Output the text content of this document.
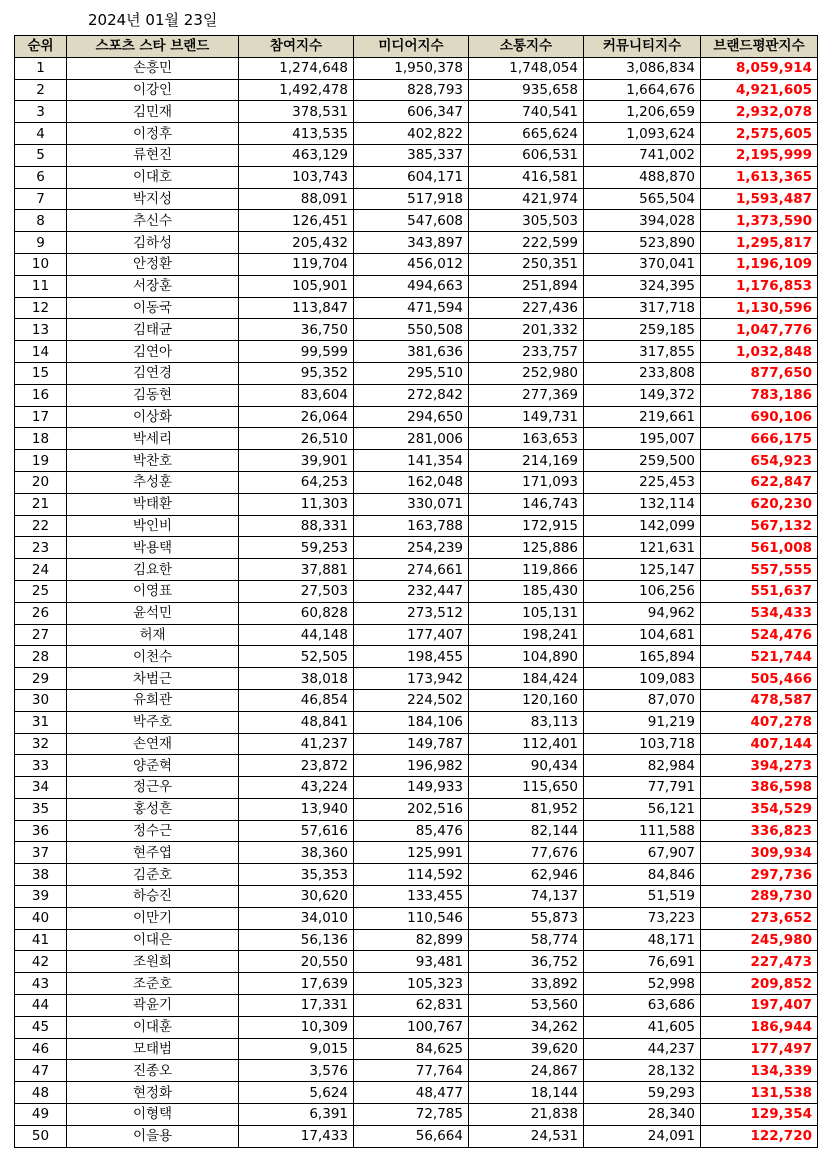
2024년 01월 23일
순위	스포츠 스타 브랜드	참여지수	미디어지수	소통지수	커뮤니티지수	브랜드평판지수
1	손흥민	1,274,648	1,950,378	1,748,054	3,086,834	8,059,914
2	이강인	1,492,478	828,793	935,658	1,664,676	4,921,605
3	김민재	378,531	606,347	740,541	1,206,659	2,932,078
4	이정후	413,535	402,822	665,624	1,093,624	2,575,605
5	류현진	463,129	385,337	606,531	741,002	2,195,999
6	이대호	103,743	604,171	416,581	488,870	1,613,365
7	박지성	88,091	517,918	421,974	565,504	1,593,487
8	추신수	126,451	547,608	305,503	394,028	1,373,590
9	김하성	205,432	343,897	222,599	523,890	1,295,817
10	안정환	119,704	456,012	250,351	370,041	1,196,109
11	서장훈	105,901	494,663	251,894	324,395	1,176,853
12	이동국	113,847	471,594	227,436	317,718	1,130,596
13	김태균	36,750	550,508	201,332	259,185	1,047,776
14	김연아	99,599	381,636	233,757	317,855	1,032,848
15	김연경	95,352	295,510	252,980	233,808	877,650
16	김동현	83,604	272,842	277,369	149,372	783,186
17	이상화	26,064	294,650	149,731	219,661	690,106
18	박세리	26,510	281,006	163,653	195,007	666,175
19	박찬호	39,901	141,354	214,169	259,500	654,923
20	추성훈	64,253	162,048	171,093	225,453	622,847
21	박태환	11,303	330,071	146,743	132,114	620,230
22	박인비	88,331	163,788	172,915	142,099	567,132
23	박용택	59,253	254,239	125,886	121,631	561,008
24	김요한	37,881	274,661	119,866	125,147	557,555
25	이영표	27,503	232,447	185,430	106,256	551,637
26	윤석민	60,828	273,512	105,131	94,962	534,433
27	허재	44,148	177,407	198,241	104,681	524,476
28	이천수	52,505	198,455	104,890	165,894	521,744
29	차범근	38,018	173,942	184,424	109,083	505,466
30	유희관	46,854	224,502	120,160	87,070	478,587
31	박주호	48,841	184,106	83,113	91,219	407,278
32	손연재	41,237	149,787	112,401	103,718	407,144
33	양준혁	23,872	196,982	90,434	82,984	394,273
34	정근우	43,224	149,933	115,650	77,791	386,598
35	홍성흔	13,940	202,516	81,952	56,121	354,529
36	정수근	57,616	85,476	82,144	111,588	336,823
37	현주엽	38,360	125,991	77,676	67,907	309,934
38	김준호	35,353	114,592	62,946	84,846	297,736
39	하승진	30,620	133,455	74,137	51,519	289,730
40	이만기	34,010	110,546	55,873	73,223	273,652
41	이대은	56,136	82,899	58,774	48,171	245,980
42	조원희	20,550	93,481	36,752	76,691	227,473
43	조준호	17,639	105,323	33,892	52,998	209,852
44	곽윤기	17,331	62,831	53,560	63,686	197,407
45	이대훈	10,309	100,767	34,262	41,605	186,944
46	모태범	9,015	84,625	39,620	44,237	177,497
47	진종오	3,576	77,764	24,867	28,132	134,339
48	현정화	5,624	48,477	18,144	59,293	131,538
49	이형택	6,391	72,785	21,838	28,340	129,354
50	이을용	17,433	56,664	24,531	24,091	122,720
